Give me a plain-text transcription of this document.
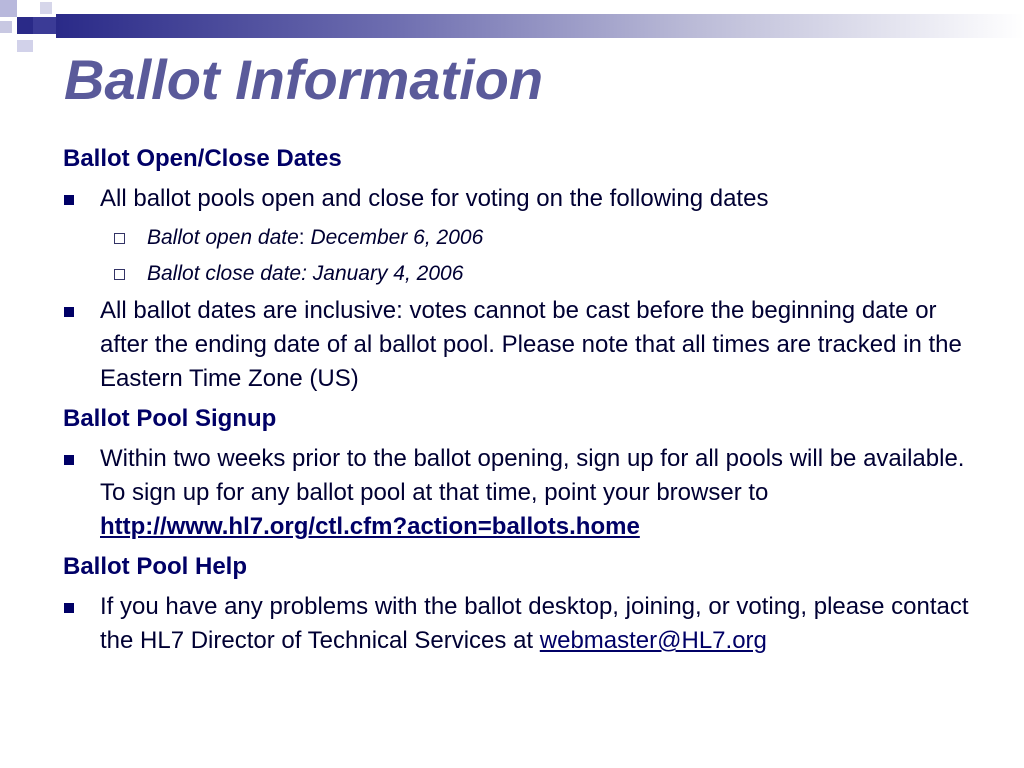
Ballot Information
Ballot Open/Close Dates
All ballot pools open and close for voting on the following dates
Ballot open date: December 6, 2006
Ballot close date: January 4, 2006
All ballot dates are inclusive: votes cannot be cast before the beginning date or after the ending date of al ballot pool. Please note that all times are tracked in the Eastern Time Zone (US)
Ballot Pool Signup
Within two weeks prior to the ballot opening, sign up for all pools will be available. To sign up for any ballot pool at that time, point your browser to http://www.hl7.org/ctl.cfm?action=ballots.home
Ballot Pool Help
If you have any problems with the ballot desktop, joining, or voting, please contact the HL7 Director of Technical Services at webmaster@HL7.org
